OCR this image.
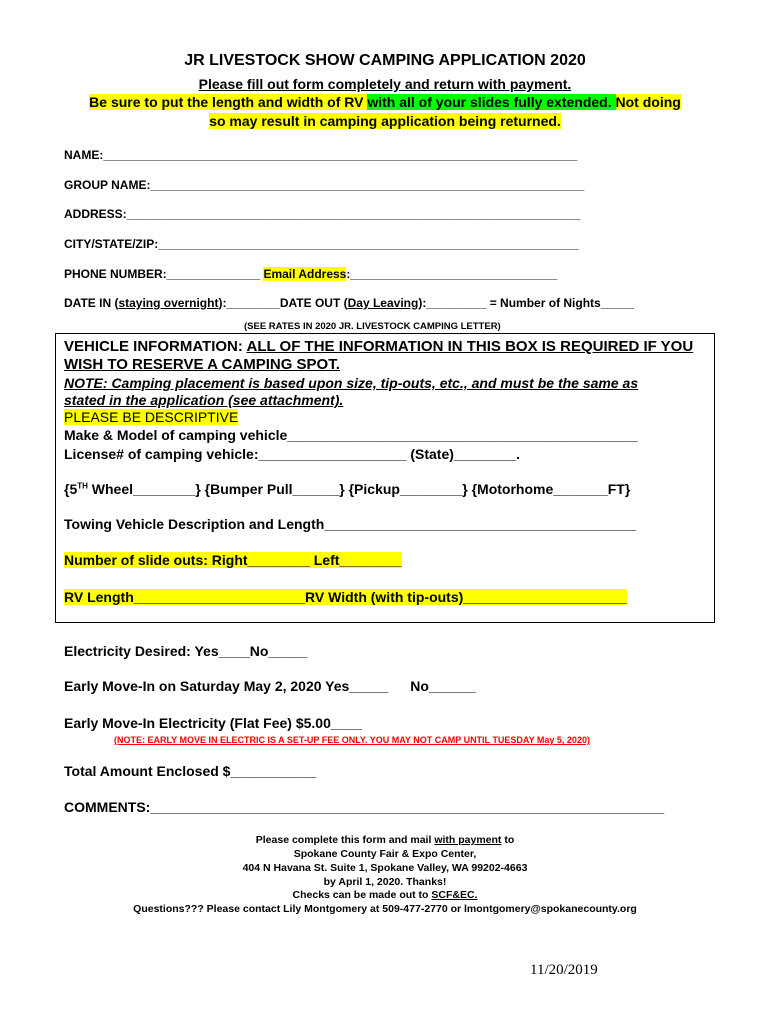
JR LIVESTOCK SHOW CAMPING APPLICATION 2020
Please fill out form completely and return with payment.
Be sure to put the length and width of RV with all of your slides fully extended. Not doing
so may result in camping application being returned.
NAME:_______________________________________________________________________
GROUP NAME:_________________________________________________________________
ADDRESS:____________________________________________________________________
CITY/STATE/ZIP:_______________________________________________________________
PHONE NUMBER:______________ Email Address:_______________________________
DATE IN (staying overnight):________DATE OUT (Day Leaving):_________ = Number of Nights_____
(SEE RATES IN 2020 JR. LIVESTOCK CAMPING LETTER)
VEHICLE INFORMATION: ALL OF THE INFORMATION IN THIS BOX IS REQUIRED IF YOU
WISH TO RESERVE A CAMPING SPOT.
NOTE: Camping placement is based upon size, tip-outs, etc., and must be the same as
stated in the application (see attachment).
PLEASE BE DESCRIPTIVE
Make & Model of camping vehicle_____________________________________________
License# of camping vehicle:___________________ (State)________.
{5TH Wheel________} {Bumper Pull______} {Pickup________} {Motorhome_______FT}
Towing Vehicle Description and Length________________________________________
Number of slide outs: Right________ Left________
RV Length______________________RV Width (with tip-outs)_____________________
Electricity Desired: Yes____No_____
Early Move-In on Saturday May 2, 2020 Yes_____ No______
Early Move-In Electricity (Flat Fee) $5.00____
(NOTE: EARLY MOVE IN ELECTRIC IS A SET-UP FEE ONLY. YOU MAY NOT CAMP UNTIL TUESDAY May 5, 2020)
Total Amount Enclosed $___________
COMMENTS:__________________________________________________________________
Please complete this form and mail with payment to
Spokane County Fair & Expo Center,
404 N Havana St. Suite 1, Spokane Valley, WA 99202-4663
by April 1, 2020. Thanks!
Checks can be made out to SCF&EC.
Questions??? Please contact Lily Montgomery at 509-477-2770 or lmontgomery@spokanecounty.org
11/20/2019
